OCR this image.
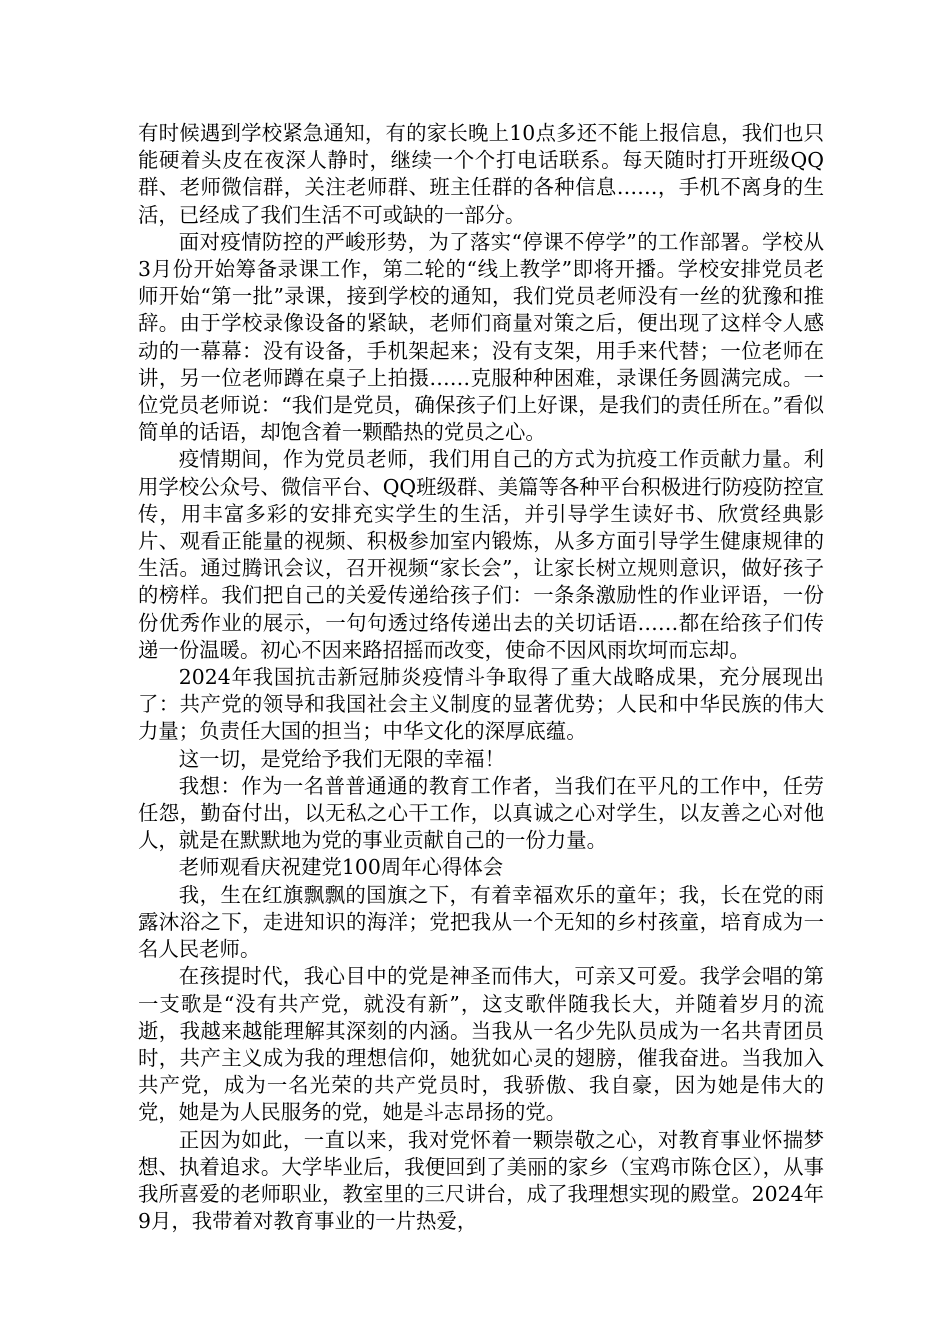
有时候遇到学校紧急通知，有的家长晚上10点多还不能上报信息，我们也只能硬着头皮在夜深人静时，继续一个个打电话联系。每天随时打开班级QQ群、老师微信群，关注老师群、班主任群的各种信息……，手机不离身的生活，已经成了我们生活不可或缺的一部分。

面对疫情防控的严峻形势，为了落实“停课不停学”的工作部署。学校从3月份开始筹备录课工作，第二轮的“线上教学”即将开播。学校安排党员老师开始“第一批”录课，接到学校的通知，我们党员老师没有一丝的犹豫和推辞。由于学校录像设备的紧缺，老师们商量对策之后，便出现了这样令人感动的一幕幕：没有设备，手机架起来；没有支架，用手来代替；一位老师在讲，另一位老师蹲在桌子上拍摄……克服种种困难，录课任务圆满完成。一位党员老师说：“我们是党员，确保孩子们上好课，是我们的责任所在。”看似简单的话语，却饱含着一颗酷热的党员之心。

疫情期间，作为党员老师，我们用自己的方式为抗疫工作贡献力量。利用学校公众号、微信平台、QQ班级群、美篇等各种平台积极进行防疫防控宣传，用丰富多彩的安排充实学生的生活，并引导学生读好书、欣赏经典影片、观看正能量的视频、积极参加室内锻炼，从多方面引导学生健康规律的生活。通过腾讯会议，召开视频“家长会”，让家长树立规则意识，做好孩子的榜样。我们把自己的关爱传递给孩子们：一条条激励性的作业评语，一份份优秀作业的展示，一句句透过络传递出去的关切话语……都在给孩子们传递一份温暖。初心不因来路招摇而改变，使命不因风雨坎坷而忘却。

2024年我国抗击新冠肺炎疫情斗争取得了重大战略成果，充分展现出了：共产党的领导和我国社会主义制度的显著优势；人民和中华民族的伟大力量；负责任大国的担当；中华文化的深厚底蕴。

这一切，是党给予我们无限的幸福！

我想：作为一名普普通通的教育工作者，当我们在平凡的工作中，任劳任怨，勤奋付出，以无私之心干工作，以真诚之心对学生，以友善之心对他人，就是在默默地为党的事业贡献自己的一份力量。

老师观看庆祝建党100周年心得体会

我，生在红旗飘飘的国旗之下，有着幸福欢乐的童年；我，长在党的雨露沐浴之下，走进知识的海洋；党把我从一个无知的乡村孩童，培育成为一名人民老师。

在孩提时代，我心目中的党是神圣而伟大，可亲又可爱。我学会唱的第一支歌是“没有共产党，就没有新”，这支歌伴随我长大，并随着岁月的流逝，我越来越能理解其深刻的内涵。当我从一名少先队员成为一名共青团员时，共产主义成为我的理想信仰，她犹如心灵的翅膀，催我奋进。当我加入共产党，成为一名光荣的共产党员时，我骄傲、我自豪，因为她是伟大的党，她是为人民服务的党，她是斗志昂扬的党。

正因为如此，一直以来，我对党怀着一颗崇敬之心，对教育事业怀揣梦想、执着追求。大学毕业后，我便回到了美丽的家乡（宝鸡市陈仓区），从事我所喜爱的老师职业，教室里的三尺讲台，成了我理想实现的殿堂。2024年9月，我带着对教育事业的一片热爱，
